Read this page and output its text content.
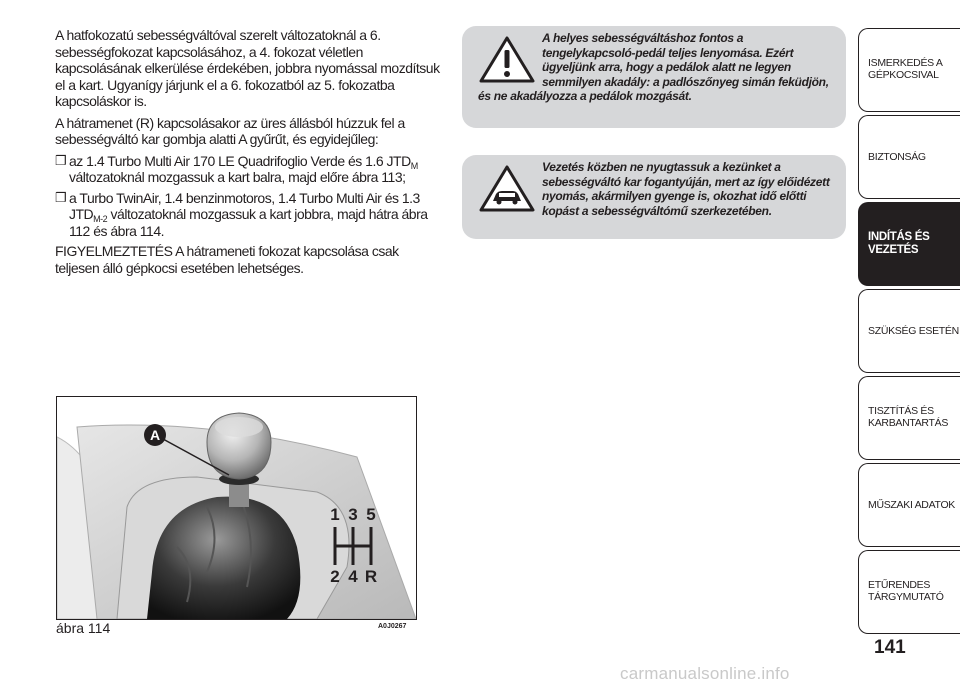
A hatfokozatú sebességváltóval szerelt változatoknál a 6. sebességfokozat kapcsolásához, a 4. fokozat véletlen kapcsolásának elkerülése érdekében, jobbra nyomással mozdítsuk el a kart. Ugyanígy járjunk el a 6. fokozatból az 5. fokozatba kapcsoláskor is.

A hátramenet (R) kapcsolásakor az üres állásból húzzuk fel a sebességváltó kar gombja alatti A gyűrűt, és egyidejűleg:

❒ az 1.4 Turbo Multi Air 170 LE Quadrifoglio Verde és 1.6 $JTD_M$ változatoknál mozgassuk a kart balra, majd előre ábra 113;
❒ a Turbo TwinAir, 1.4 benzinmotoros, 1.4 Turbo Multi Air és 1.3 $JTD_{M-2}$ változatoknál mozgassuk a kart jobbra, majd hátra ábra 112 és ábra 114.

FIGYELMEZTETÉS A hátrameneti fokozat kapcsolása csak teljesen álló gépkocsi esetében lehetséges.

A helyes sebességváltáshoz fontos a tengelykapcsoló-pedál teljes lenyomása. Ezért ügyeljünk arra, hogy a pedálok alatt ne legyen semmilyen akadály: a padlószőnyeg simán feküdjön, és ne akadályozza a pedálok mozgását.
Vezetés közben ne nyugtassuk a kezünket a sebességváltó kar fogantyúján, mert az így előidézett nyomás, akármilyen gyenge is, okozhat idő előtti kopást a sebességváltómű szerkezetében.
A
1 3 5
2 4 R
ábra 114	A0J0267
ISMERKEDÉS A GÉPKOCSIVAL
BIZTONSÁG
INDÍTÁS ÉS VEZETÉS
SZÜKSÉG ESETÉN
TISZTÍTÁS ÉS KARBANTARTÁS
MŰSZAKI ADATOK
ETŰRENDES TÁRGYMUTATÓ
141
carmanualsonline.info
